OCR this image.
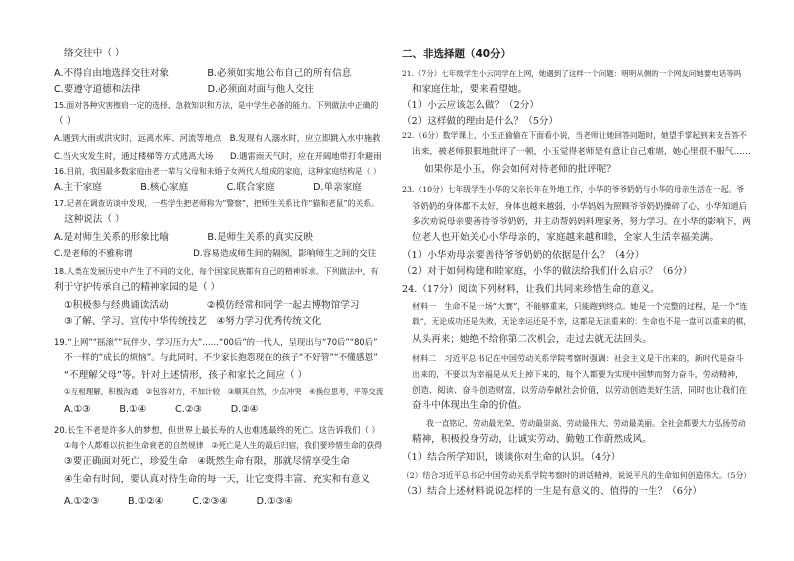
络交往中（ ）
A.不得自由地选择交往对象　　　　B.必须如实地公布自己的所有信息
C.要遵守道德和法律　　　　　　　D.必须面对面与他人交往
15.面对各种灾害擦肩一定的选择、急救知识和方法，是中学生必备的能力。下列做法中正确的
（ ）
A.遇到大雨或洪灾时，远离水库、河流等地点　B.发现有人溺水时，应立即跳入水中施救
C.当火灾发生时，通过楼梯等方式逃离大场　　D.遇雷雨天气时，应在开阔地带打伞避雨
16.目前，我国最多数家庭由老一辈与父母和未婚子女两代人组成的家庭，这种家庭结构是（ ）
A.主干家庭　　　　B.核心家庭　　　　C.联合家庭　　　　D.单亲家庭
17.记者在调查访谈中发现，一些学生把老师称为“警察”，把师生关系比作“猫和老鼠”的关系。
这种说法（ ）
A.是对师生关系的形象比喻　　　　B.是师生关系的真实反映
C.是老师的不雅称谓　　　　　　　D.容易造成师生间的隔阂，影响师生之间的交往
18.人类在发展历史中产生了不同的文化，每个国家民族都有自己的精神诉求。下列做法中，有
利于守护传承自己的精神家园的是（ ）
①积极参与经典诵读活动　　　　②模仿经常和同学一起去博物馆学习
③了解、学习、宣传中华传统技艺　④努力学习优秀传统文化
19.“上网”“摇滚”“玩伴少、学习压力大”……“00后”的一代人，呈现出与“70后”“80后”
不一样的“成长的烦恼”。与此同时，不少家长抱怨现在的孩子“不好管”“不懂感恩”
“不理解父母”等。针对上述情形，孩子和家长之间应（ ）
①互相理解，积极沟通　②包容对方，不加计较　③顺其自然，少点冲突　④换位思考，平等交流
A.①③　　　B.①④　　　C.②③　　　D.②④
20.长生不老是许多人的梦想，但世界上最长寿的人也难逃最终的死亡。这告诉我们（ ）
①每个人都难以抗拒生命衰老的自然规律　②死亡是人生的最后归宿，我们要珍惜生命的获得
③要正确面对死亡，珍爱生命　④既然生命有限，那就尽情享受生命
④生命有时间，要认真对待生命的每一天，让它变得丰富、充实和有意义
A.①②③　　　B.①②④　　　C.②③④　　　D.①③④
二、非选择题（40分）
21.（7分）七年级学生小云同学在上网，她遇到了这样一个问题：明明从侧的一个网友问她要电话等吗
和家庭住址，要来看望她。
（1）小云应该怎么做？（2分）
（2）这样做的理由是什么？（5分）
22.（6分）数学课上，小玉正偷偷在下面看小说，当老师让她回答问题时，她望手掌起到来支吾答不
出来，被老师狠狠地批评了一顿，小玉觉得老师是有意让自己难堪，她心里很不服气……
如果你是小玉，你会如何对待老师的批评呢？
23.（10分）七年级学生小华的父亲长年在外地工作，小华的爷爷奶奶与小华的母亲生活在一起。爷
爷奶奶的身体都不太好，身体也越来越弱，小华妈妈为照顾爷爷奶奶操碎了心，小华知道后
多次劝说母亲要善待爷爷奶奶，并主动帮妈妈料理家务，努力学习。在小华的影响下，两
位老人也开始关心小华母亲的，家庭越来越和睦，全家人生活幸福美满。
（1）小华劝母亲要善待爷爷奶奶的依据是什么？（4分）
（2）对于如何构建和睦家庭，小华的做法给我们什么启示？（6分）
24.（17分）阅读下列材料，让我们共同来珍惜生命的意义。
材料一　生命不是一场“大赛”，不能够重来，只能跑到终点。她是一个完整的过程，是一个“连
载”，无论成功还是失败，无论幸运还是不幸，这都是无法重来的：生命也不是一盘可以重来的棋，
从头再来；她绝不给你第二次机会，走过去就无法回头。
材料二　习近平总书记在中国劳动关系学院考察时强调：社会主义是干出来的，新时代是奋斗
出来的，不要以为幸福是从天上掉下来的，每个人都要为实现中国梦而努力奋斗，劳动精神，
创造、阅读、奋斗创造财富，以劳动奉献社会价值，以劳动创造美好生活，同时也让我们在
奋斗中体现出生命的价值。
我一直铭记，劳动最光荣、劳动最崇高、劳动最伟大、劳动最美丽。全社会都要大力弘扬劳动
精神，积极投身劳动，让诚实劳动、勤勉工作蔚然成风。
（1）结合所学知识，谈谈你对生命的认识。（4分）
（2）结合习近平总书记中国劳动关系学院考察时的讲话精神，说说平凡的生命如何创造伟大。（5分）
（3）结合上述材料说说怎样的一生是有意义的、值得的一生？（6分）
